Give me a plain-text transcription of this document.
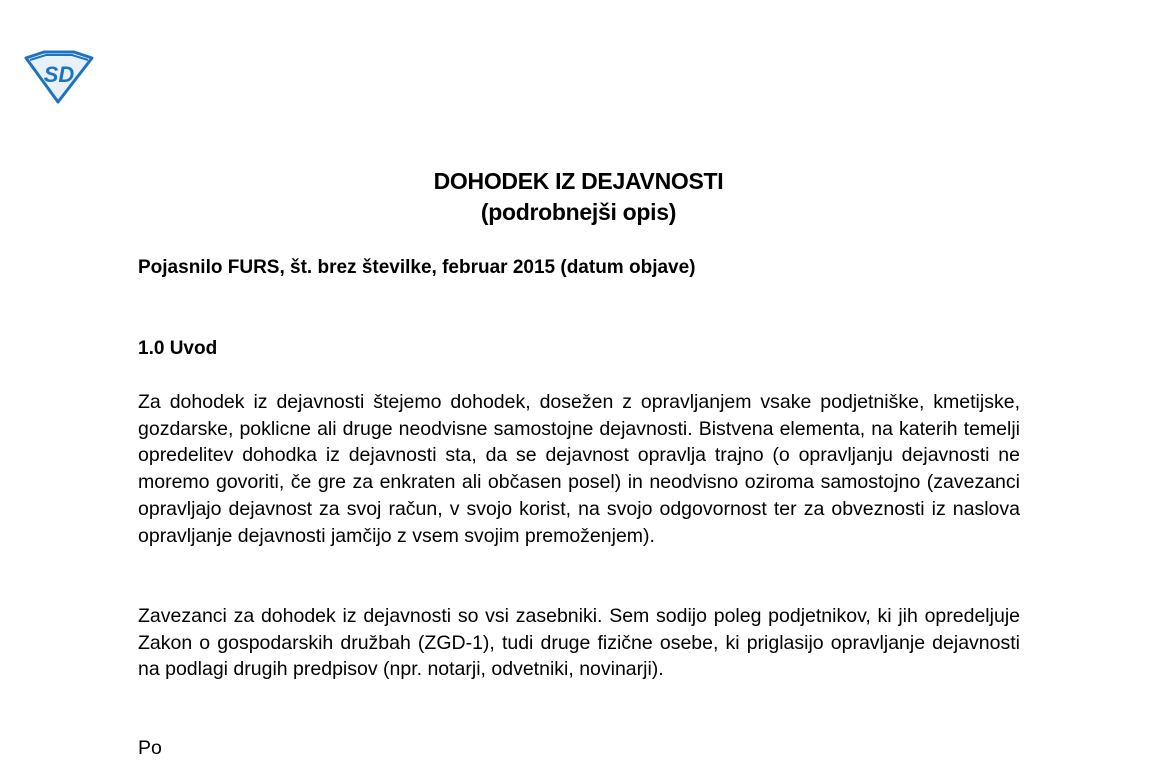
SD
DOHODEK IZ DEJAVNOSTI
(podrobnejši opis)
Pojasnilo FURS, št. brez številke, februar 2015 (datum objave)
1.0 Uvod

Za dohodek iz dejavnosti štejemo dohodek, dosežen z opravljanjem vsake podjetniške, kmetijske, gozdarske, poklicne ali druge neodvisne samostojne dejavnosti. Bistvena elementa, na katerih temelji opredelitev dohodka iz dejavnosti sta, da se dejavnost opravlja trajno (o opravljanju dejavnosti ne moremo govoriti, če gre za enkraten ali občasen posel) in neodvisno oziroma samostojno (zavezanci opravljajo dejavnost za svoj račun, v svojo korist, na svojo odgovornost ter za obveznosti iz naslova opravljanje dejavnosti jamčijo z vsem svojim premoženjem).

Zavezanci za dohodek iz dejavnosti so vsi zasebniki. Sem sodijo poleg podjetnikov, ki jih opredeljuje Zakon o gospodarskih družbah (ZGD-1), tudi druge fizične osebe, ki priglasijo opravljanje dejavnosti na podlagi drugih predpisov (npr. notarji, odvetniki, novinarji).

Po
